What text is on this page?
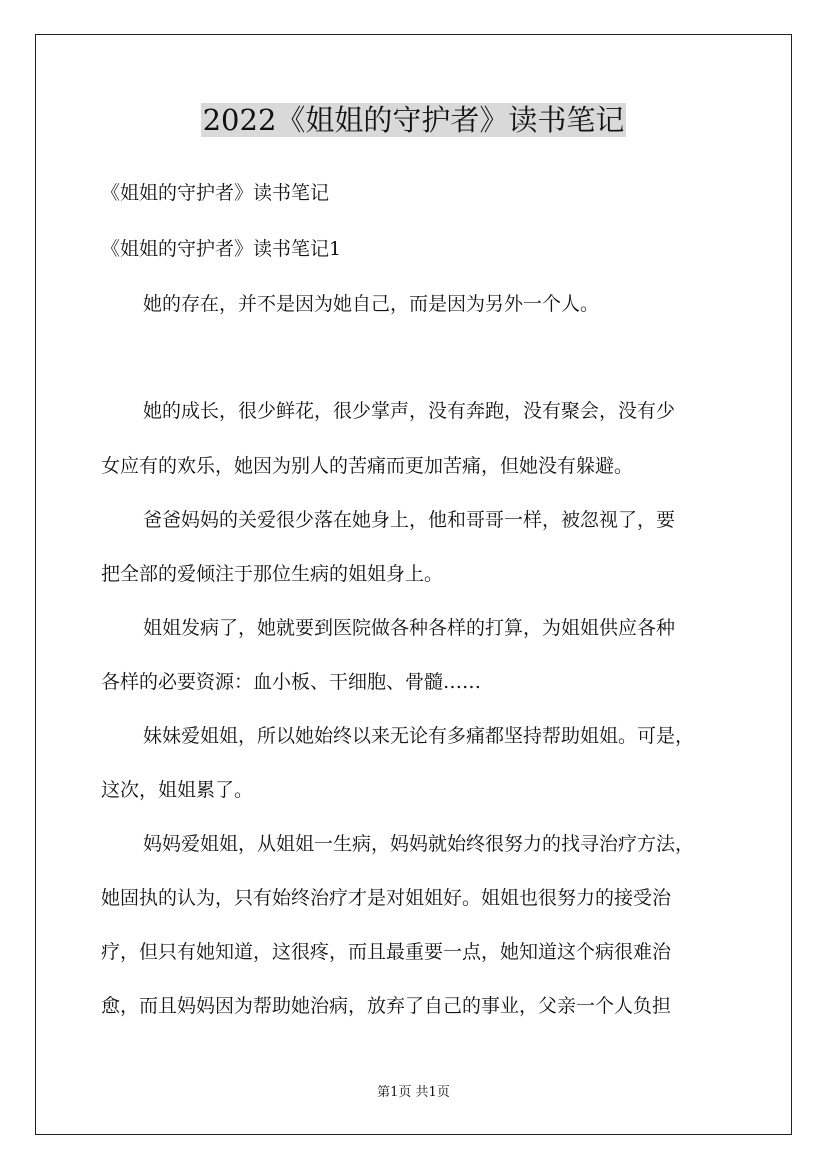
2022《姐姐的守护者》读书笔记
《姐姐的守护者》读书笔记
《姐姐的守护者》读书笔记1
她的存在，并不是因为她自己，而是因为另外一个人。
她的成长，很少鲜花，很少掌声，没有奔跑，没有聚会，没有少
女应有的欢乐，她因为别人的苦痛而更加苦痛，但她没有躲避。
爸爸妈妈的关爱很少落在她身上，他和哥哥一样，被忽视了，要
把全部的爱倾注于那位生病的姐姐身上。
姐姐发病了，她就要到医院做各种各样的打算，为姐姐供应各种
各样的必要资源：血小板、干细胞、骨髓……
妹妹爱姐姐，所以她始终以来无论有多痛都坚持帮助姐姐。可是，
这次，姐姐累了。
妈妈爱姐姐，从姐姐一生病，妈妈就始终很努力的找寻治疗方法，
她固执的认为，只有始终治疗才是对姐姐好。姐姐也很努力的接受治
疗，但只有她知道，这很疼，而且最重要一点，她知道这个病很难治
愈，而且妈妈因为帮助她治病，放弃了自己的事业，父亲一个人负担
第1页 共1页
